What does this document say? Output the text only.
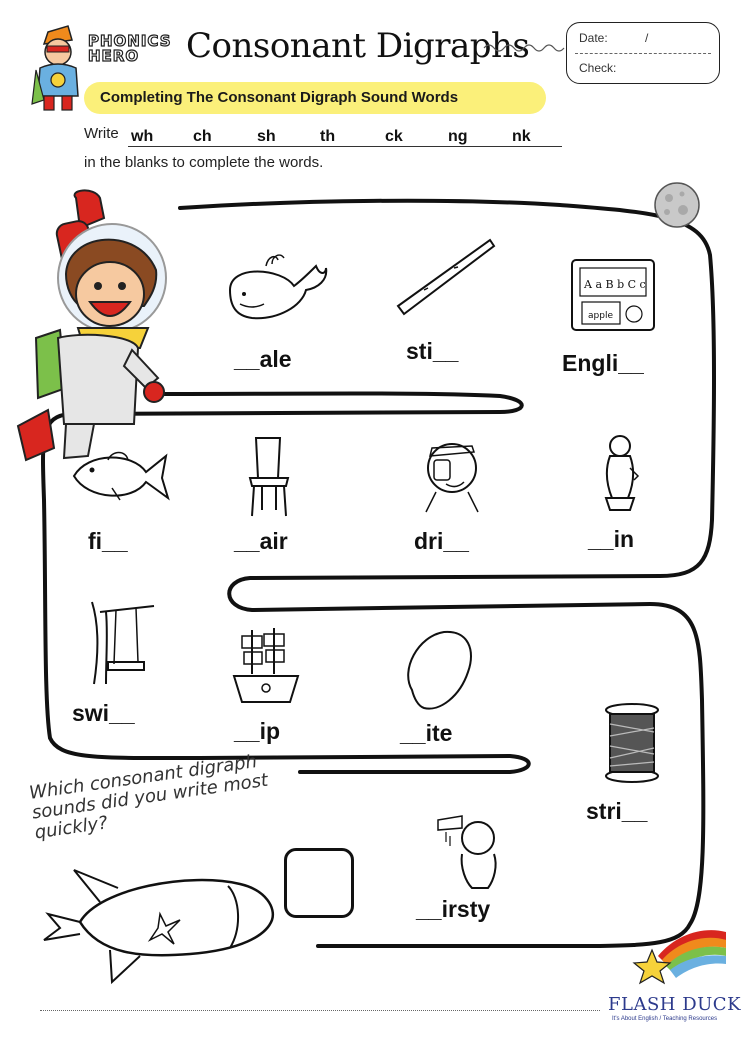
PHONICS
HERO	Consonant Digraphs	Date:	/
Check:
Completing The Consonant Digraph Sound Words
Write wh ch	sh	th	ck	ng	nk
in the blanks to complete the words.
A a B b C c
apple
__ale	sti__	Engli__
fi__	__air	dri__	__in
swi__
__ip	__ite
stri__
Which consonant digraph sounds did you write most quickly?
__irsty
FLASH DUCK
It's About English / Teaching Resources
